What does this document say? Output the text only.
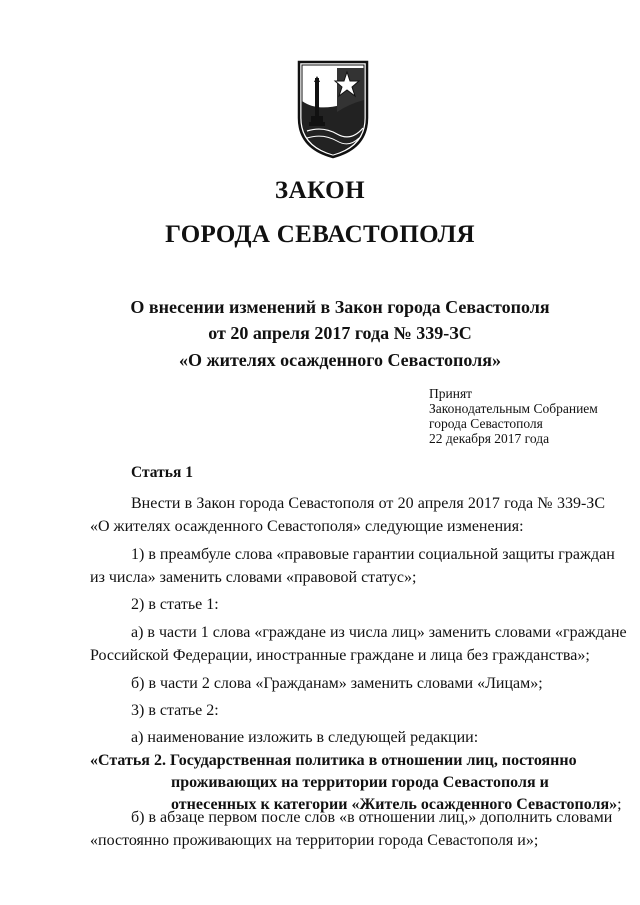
ЗАКОН
ГОРОДА СЕВАСТОПОЛЯ
О внесении изменений в Закон города Севастополя
от 20 апреля 2017 года № 339-ЗС
«О жителях осажденного Севастополя»
Принят
Законодательным Собранием
города Севастополя
22 декабря 2017 года
Статья 1
Внести в Закон города Севастополя от 20 апреля 2017 года № 339-ЗС
«О жителях осажденного Севастополя» следующие изменения:
1) в преамбуле слова «правовые гарантии социальной защиты граждан
из числа» заменить словами «правовой статус»;
2) в статье 1:
а) в части 1 слова «граждане из числа лиц» заменить словами «граждане
Российской Федерации, иностранные граждане и лица без гражданства»;
б) в части 2 слова «Гражданам» заменить словами «Лицам»;
3) в статье 2:
а) наименование изложить в следующей редакции:
«Статья 2. Государственная политика в отношении лиц, постоянно
проживающих на территории города Севастополя и
отнесенных к категории «Житель осажденного Севастополя»;
б) в абзаце первом после слов «в отношении лиц,» дополнить словами
«постоянно проживающих на территории города Севастополя и»;
